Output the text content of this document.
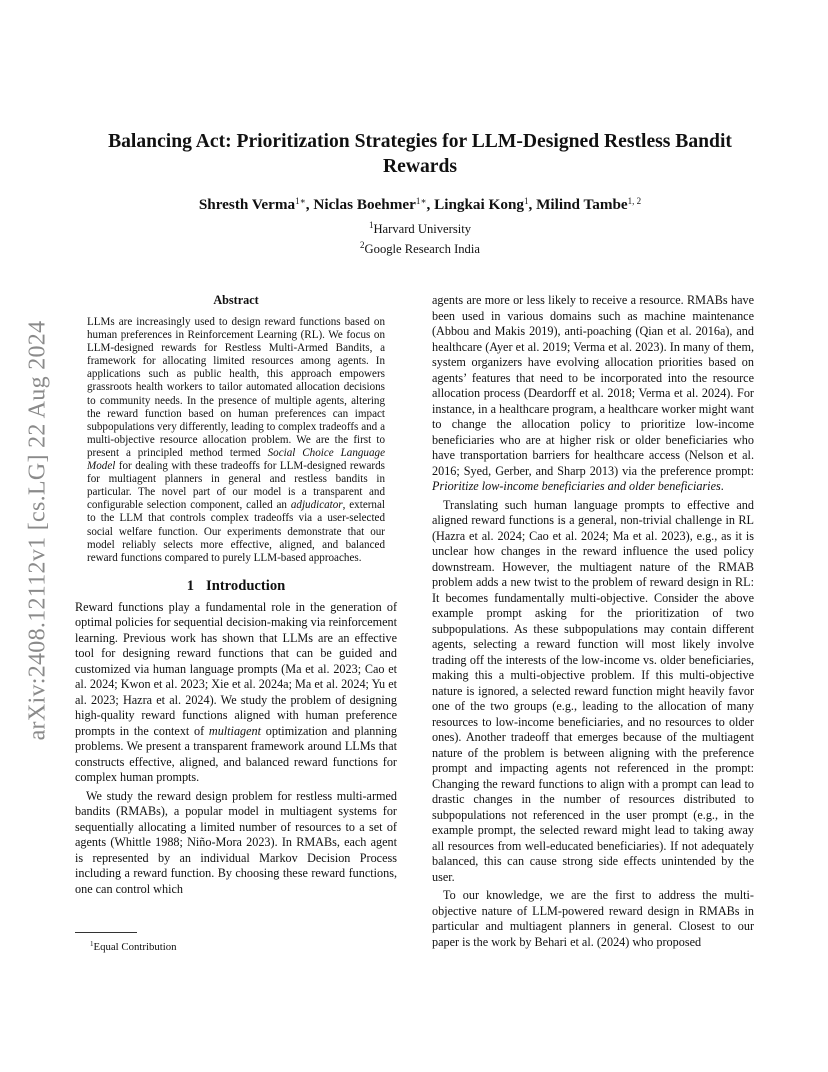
arXiv:2408.12112v1 [cs.LG] 22 Aug 2024
Balancing Act: Prioritization Strategies for LLM-Designed Restless Bandit Rewards
Shresth Verma$^{1∗}$, Niclas Boehmer$^{1∗}$, Lingkai Kong$^1$, Milind Tambe$^{1, 2}$
$^1$Harvard University
$^2$Google Research India
Abstract

LLMs are increasingly used to design reward functions based on human preferences in Reinforcement Learning (RL). We focus on LLM-designed rewards for Restless Multi-Armed Bandits, a framework for allocating limited resources among agents. In applications such as public health, this approach empowers grassroots health workers to tailor automated allocation decisions to community needs. In the presence of multiple agents, altering the reward function based on human preferences can impact subpopulations very differently, leading to complex tradeoffs and a multi-objective resource allocation problem. We are the first to present a principled method termed Social Choice Language Model for dealing with these tradeoffs for LLM-designed rewards for multiagent planners in general and restless bandits in particular. The novel part of our model is a transparent and configurable selection component, called an adjudicator, external to the LLM that controls complex tradeoffs via a user-selected social welfare function. Our experiments demonstrate that our model reliably selects more effective, aligned, and balanced reward functions compared to purely LLM-based approaches.

1 Introduction

Reward functions play a fundamental role in the generation of optimal policies for sequential decision-making via reinforcement learning. Previous work has shown that LLMs are an effective tool for designing reward functions that can be guided and customized via human language prompts (Ma et al. 2023; Cao et al. 2024; Kwon et al. 2023; Xie et al. 2024a; Ma et al. 2024; Yu et al. 2023; Hazra et al. 2024). We study the problem of designing high-quality reward functions aligned with human preference prompts in the context of multiagent optimization and planning problems. We present a transparent framework around LLMs that constructs effective, aligned, and balanced reward functions for complex human prompts.

We study the reward design problem for restless multi-armed bandits (RMABs), a popular model in multiagent systems for sequentially allocating a limited number of resources to a set of agents (Whittle 1988; Niño-Mora 2023). In RMABs, each agent is represented by an individual Markov Decision Process including a reward function. By choosing these reward functions, one can control which

agents are more or less likely to receive a resource. RMABs have been used in various domains such as machine maintenance (Abbou and Makis 2019), anti-poaching (Qian et al. 2016a), and healthcare (Ayer et al. 2019; Verma et al. 2023). In many of them, system organizers have evolving allocation priorities based on agents’ features that need to be incorporated into the resource allocation process (Deardorff et al. 2018; Verma et al. 2024). For instance, in a healthcare program, a healthcare worker might want to change the allocation policy to prioritize low-income beneficiaries who are at higher risk or older beneficiaries who have transportation barriers for healthcare access (Nelson et al. 2016; Syed, Gerber, and Sharp 2013) via the preference prompt: Prioritize low-income beneficiaries and older beneficiaries.

Translating such human language prompts to effective and aligned reward functions is a general, non-trivial challenge in RL (Hazra et al. 2024; Cao et al. 2024; Ma et al. 2023), e.g., as it is unclear how changes in the reward influence the used policy downstream. However, the multiagent nature of the RMAB problem adds a new twist to the problem of reward design in RL: It becomes fundamentally multi-objective. Consider the above example prompt asking for the prioritization of two subpopulations. As these subpopulations may contain different agents, selecting a reward function will most likely involve trading off the interests of the low-income vs. older beneficiaries, making this a multi-objective problem. If this multi-objective nature is ignored, a selected reward function might heavily favor one of the two groups (e.g., leading to the allocation of many resources to low-income beneficiaries, and no resources to older ones). Another tradeoff that emerges because of the multiagent nature of the problem is between aligning with the preference prompt and impacting agents not referenced in the prompt: Changing the reward functions to align with a prompt can lead to drastic changes in the number of resources distributed to subpopulations not referenced in the user prompt (e.g., in the example prompt, the selected reward might lead to taking away all resources from well-educated beneficiaries). If not adequately balanced, this can cause strong side effects unintended by the user.

To our knowledge, we are the first to address the multi-objective nature of LLM-powered reward design in RMABs in particular and multiagent planners in general. Closest to our paper is the work by Behari et al. (2024) who proposed

$^1$Equal Contribution
